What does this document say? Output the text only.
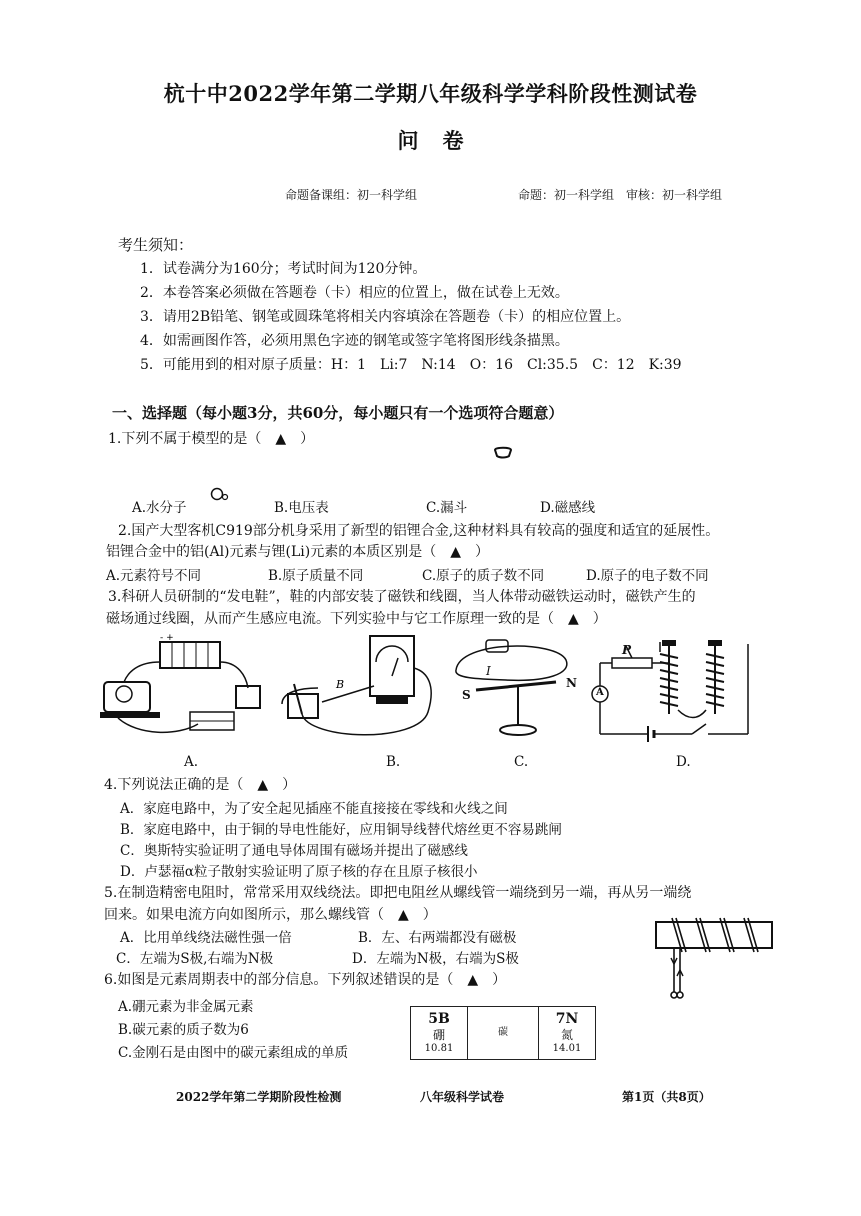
杭十中2022学年第二学期八年级科学学科阶段性测试卷
问卷
命题备课组：初一科学组	命题：初一科学组　审核：初一科学组
考生须知：
1．试卷满分为160分；考试时间为120分钟。
2．本卷答案必须做在答题卷（卡）相应的位置上，做在试卷上无效。
3．请用2B铅笔、钢笔或圆珠笔将相关内容填涂在答题卷（卡）的相应位置上。
4．如需画图作答，必须用黑色字迹的钢笔或签字笔将图形线条描黑。
5．可能用到的相对原子质量：H：1　Li:7　N:14　O：16　Cl:35.5　C：12　K:39
一、选择题（每小题3分，共60分，每小题只有一个选项符合题意）
1.下列不属于模型的是（　▲　）
A.水分子	B.电压表	C.漏斗	D.磁感线
2.国产大型客机C919部分机身采用了新型的铝锂合金,这种材料具有较高的强度和适宜的延展性。
铝锂合金中的铝(Al)元素与锂(Li)元素的本质区别是（　▲　）
A.元素符号不同	B.原子质量不同	C.原子的质子数不同	D.原子的电子数不同
3.科研人员研制的“发电鞋”，鞋的内部安装了磁铁和线圈，当人体带动磁铁运动时，磁铁产生的
磁场通过线圈，从而产生感应电流。下列实验中与它工作原理一致的是（　▲　）
- +
A.
B
B.
I
S
N
C.
P
A
D.
4.下列说法正确的是（　▲　）
A．家庭电路中，为了安全起见插座不能直接接在零线和火线之间
B．家庭电路中，由于铜的导电性能好，应用铜导线替代熔丝更不容易跳闸
C．奥斯特实验证明了通电导体周围有磁场并提出了磁感线
D．卢瑟福α粒子散射实验证明了原子核的存在且原子核很小
5.在制造精密电阻时，常常采用双线绕法。即把电阻丝从螺线管一端绕到另一端，再从另一端绕
回来。如果电流方向如图所示，那么螺线管（　▲　）
A．比用单线绕法磁性强一倍	B．左、右两端都没有磁极
C．左端为S极,右端为N极	D．左端为N极，右端为S极
6.如图是元素周期表中的部分信息。下列叙述错误的是（　▲　）
A.硼元素为非金属元素
B.碳元素的质子数为6
C.金刚石是由图中的碳元素组成的单质
5B
硼
10.81

碳

7N
氮
14.01
2022学年第二学期阶段性检测	八年级科学试卷	第1页（共8页）
